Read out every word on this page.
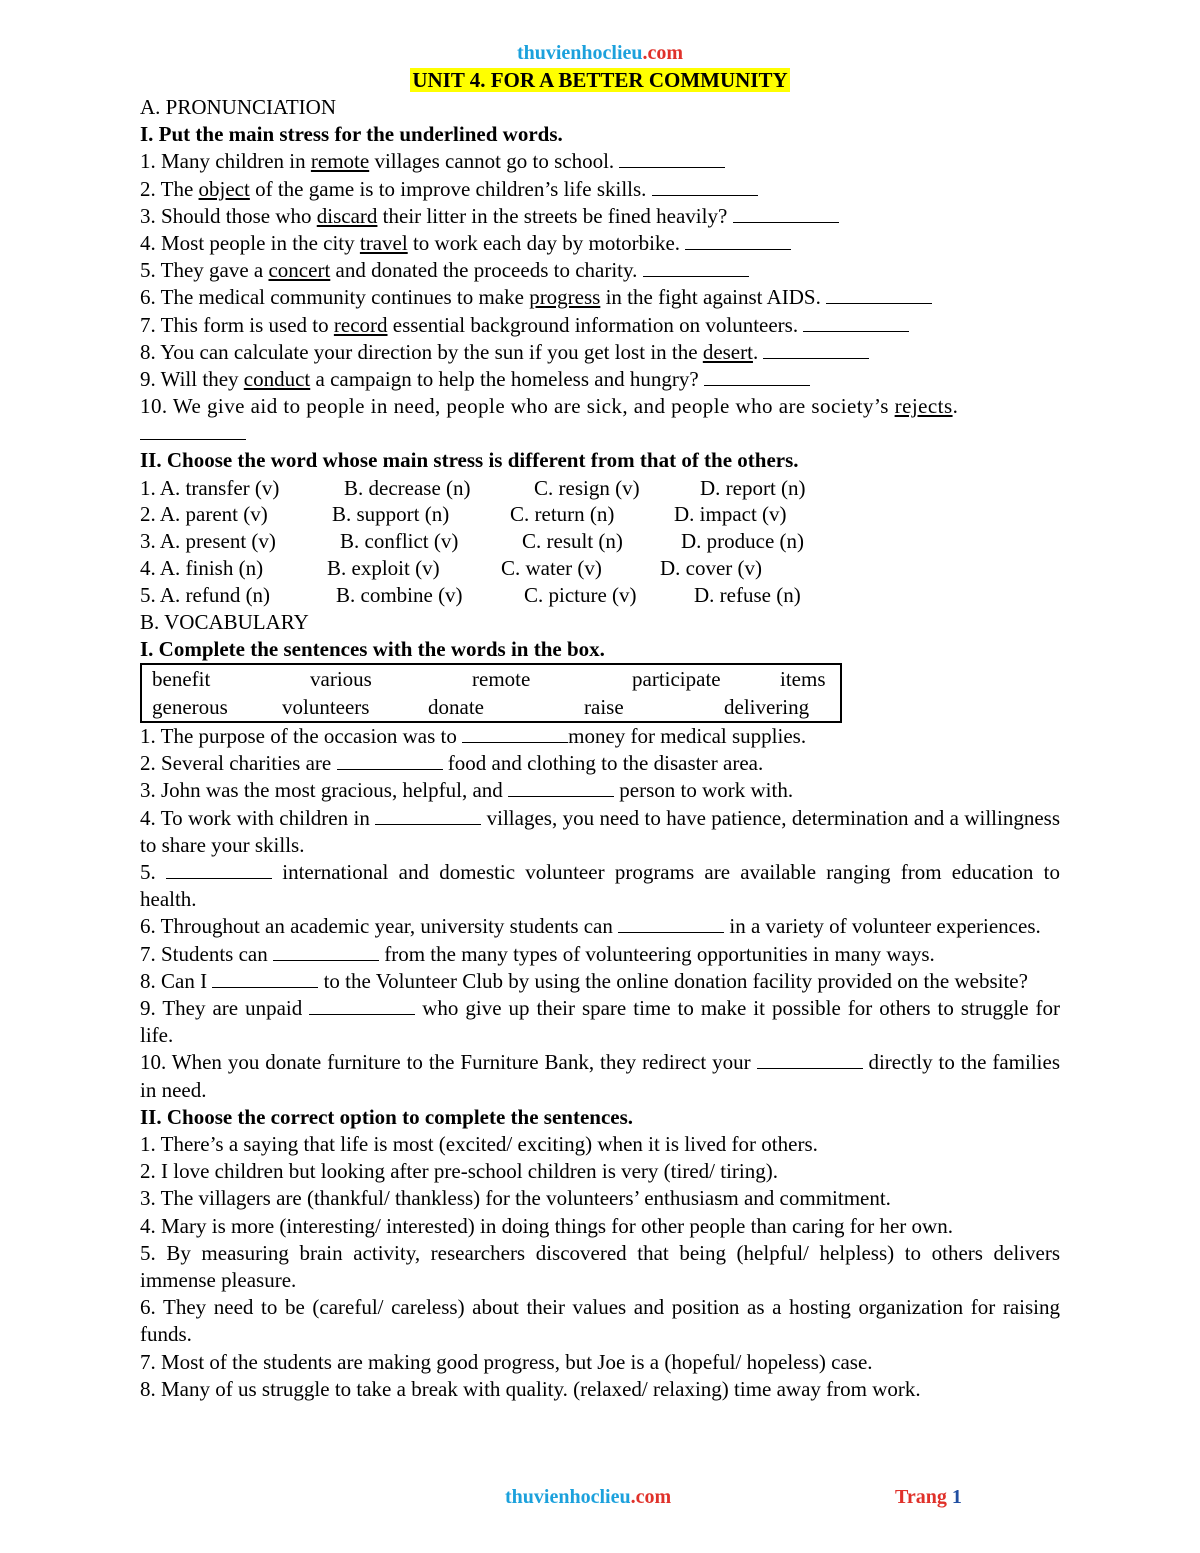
thuvienhoclieu.com
UNIT 4. FOR A BETTER COMMUNITY
A. PRONUNCIATION
I. Put the main stress for the underlined words.
1. Many children in remote villages cannot go to school.
2. The object of the game is to improve children’s life skills.
3. Should those who discard their litter in the streets be fined heavily?
4. Most people in the city travel to work each day by motorbike.
5. They gave a concert and donated the proceeds to charity.
6. The medical community continues to make progress in the fight against AIDS.
7. This form is used to record essential background information on volunteers.
8. You can calculate your direction by the sun if you get lost in the desert.
9. Will they conduct a campaign to help the homeless and hungry?
10. We give aid to people in need, people who are sick, and people who are society’s rejects.
II. Choose the word whose main stress is different from that of the others.
1. A. transfer (v)	B. decrease (n)	C. resign (v)	D. report (n)
2. A. parent (v)	B. support (n)	C. return (n)	D. impact (v)
3. A. present (v)	B. conflict (v)	C. result (n)	D. produce (n)
4. A. finish (n)	B. exploit (v)	C. water (v)	D. cover (v)
5. A. refund (n)	B. combine (v)	C. picture (v)	D. refuse (n)
B. VOCABULARY
I. Complete the sentences with the words in the box.
benefit	various	remote	participate	items
generous	volunteers	donate	raise	delivering
1. The purpose of the occasion was to	money for medical supplies.
2. Several charities are	food and clothing to the disaster area.
3. John was the most gracious, helpful, and	person to work with.
4. To work with children in	villages, you need to have patience, determination and a willingness to share your skills.
5.	international and domestic volunteer programs are available ranging from education to health.
6. Throughout an academic year, university students can	in a variety of volunteer experiences.
7. Students can	from the many types of volunteering opportunities in many ways.
8. Can I	to the Volunteer Club by using the online donation facility provided on the website?
9. They are unpaid	who give up their spare time to make it possible for others to struggle for life.
10. When you donate furniture to the Furniture Bank, they redirect your	directly to the families in need.
II. Choose the correct option to complete the sentences.
1. There’s a saying that life is most (excited/ exciting) when it is lived for others.
2. I love children but looking after pre-school children is very (tired/ tiring).
3. The villagers are (thankful/ thankless) for the volunteers’ enthusiasm and commitment.
4. Mary is more (interesting/ interested) in doing things for other people than caring for her own.
5. By measuring brain activity, researchers discovered that being (helpful/ helpless) to others delivers immense pleasure.
6. They need to be (careful/ careless) about their values and position as a hosting organization for raising funds.
7. Most of the students are making good progress, but Joe is a (hopeful/ hopeless) case.
8. Many of us struggle to take a break with quality. (relaxed/ relaxing) time away from work.
thuvienhoclieu.com	Trang 1
